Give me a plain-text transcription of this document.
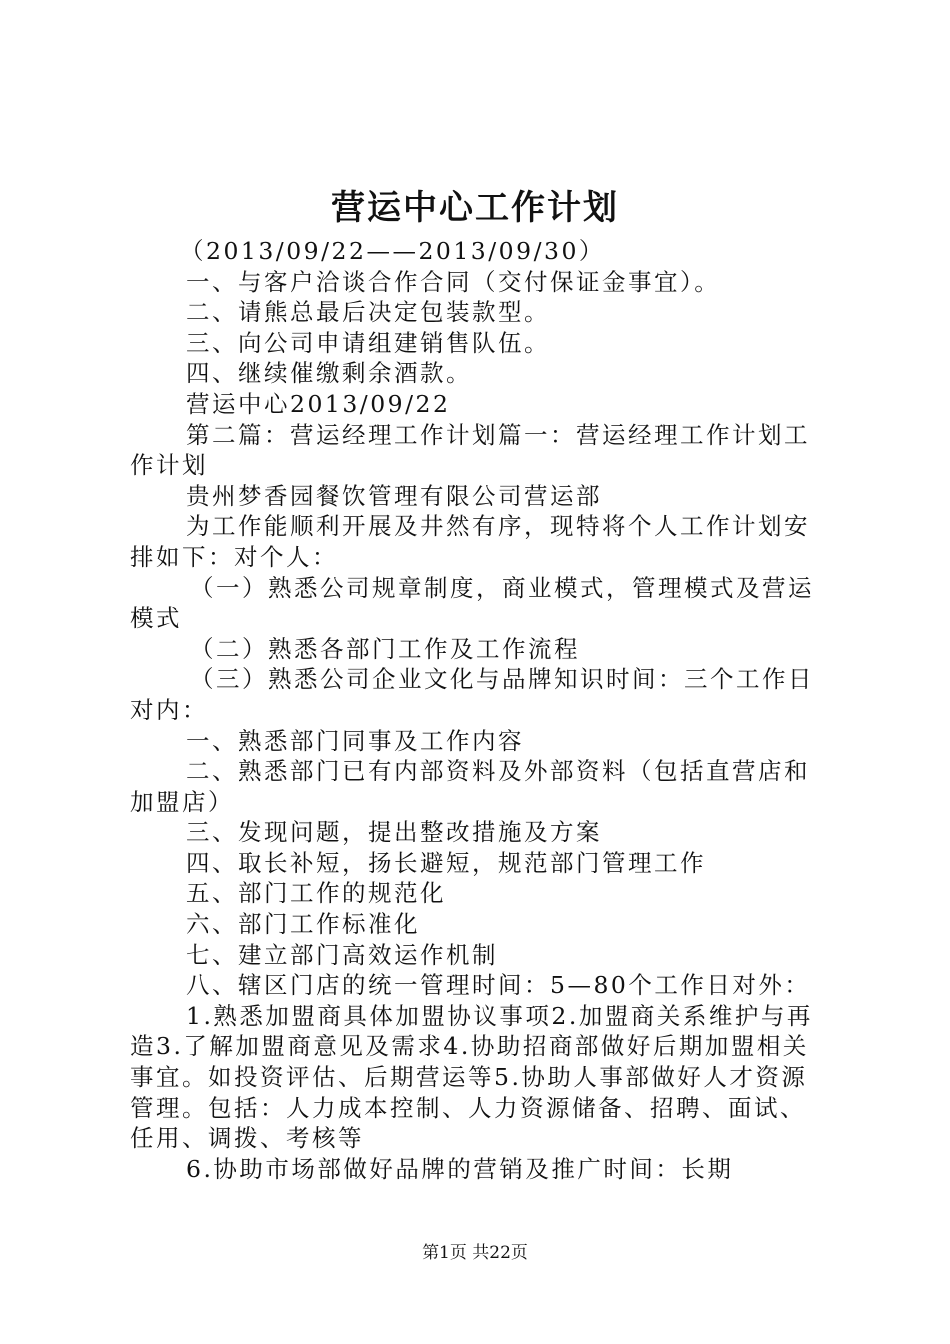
营运中心工作计划

（2013/09/22——2013/09/30）

一、与客户洽谈合作合同（交付保证金事宜）。

二、请熊总最后决定包装款型。

三、向公司申请组建销售队伍。

四、继续催缴剩余酒款。

营运中心2013/09/22

第二篇：营运经理工作计划篇一：营运经理工作计划工作计划

贵州梦香园餐饮管理有限公司营运部

为工作能顺利开展及井然有序，现特将个人工作计划安排如下：对个人：

（一）熟悉公司规章制度，商业模式，管理模式及营运模式

（二）熟悉各部门工作及工作流程

（三）熟悉公司企业文化与品牌知识时间：三个工作日对内：

一、熟悉部门同事及工作内容

二、熟悉部门已有内部资料及外部资料（包括直营店和加盟店）

三、发现问题，提出整改措施及方案

四、取长补短，扬长避短，规范部门管理工作

五、部门工作的规范化

六、部门工作标准化

七、建立部门高效运作机制

八、辖区门店的统一管理时间：5—80个工作日对外：

1.熟悉加盟商具体加盟协议事项2.加盟商关系维护与再造3.了解加盟商意见及需求4.协助招商部做好后期加盟相关事宜。如投资评估、后期营运等5.协助人事部做好人才资源管理。包括：人力成本控制、人力资源储备、招聘、面试、任用、调拨、考核等

6.协助市场部做好品牌的营销及推广时间：长期

第1页 共22页
